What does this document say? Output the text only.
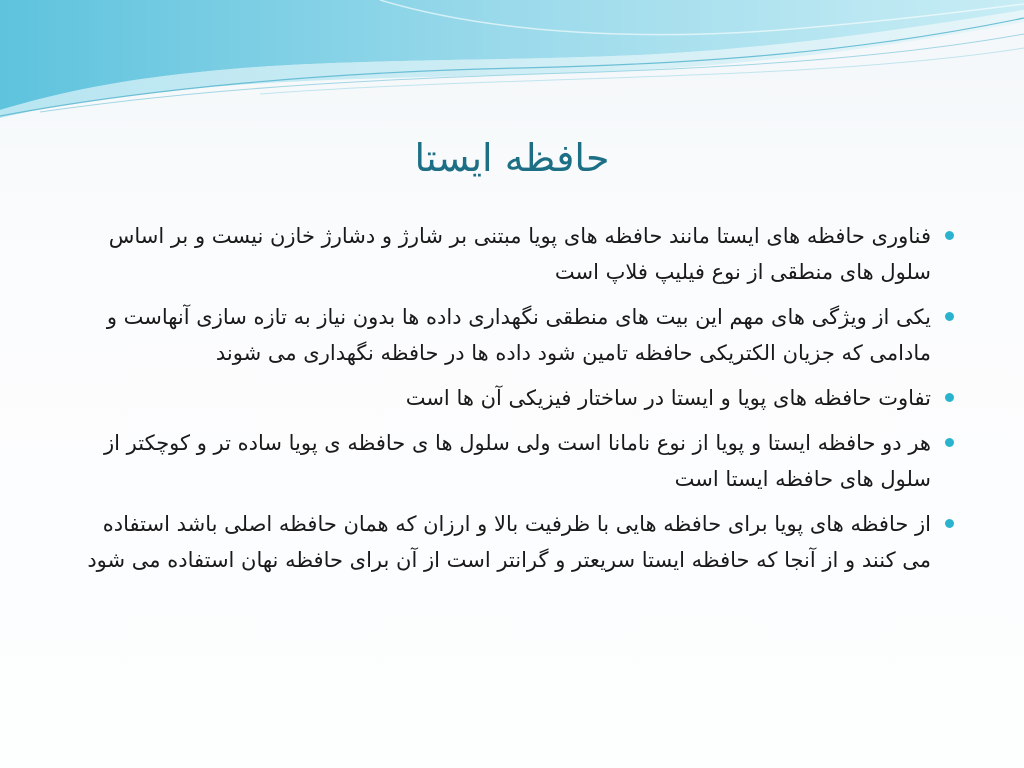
حافظه ایستا
فناوری حافظه های ایستا مانند حافظه های پویا مبتنی بر شارژ و دشارژ خازن نیست و بر اساس سلول های منطقی از نوع فیلیپ فلاپ است
یکی از ویژگی های مهم این بیت های منطقی نگهداری داده ها بدون نیاز به تازه سازی آنهاست و مادامی که جزیان الکتریکی حافظه تامین شود داده ها در حافظه نگهداری می شوند
تفاوت حافظه های پویا و ایستا در ساختار فیزیکی آن ها است
هر دو حافظه ایستا و پویا از نوع نامانا است ولی سلول ها ی حافظه ی پویا ساده تر و کوچکتر از سلول های حافظه ایستا است
از حافظه های پویا برای حافظه هایی با ظرفیت بالا و ارزان که همان حافظه اصلی باشد استفاده می کنند و از آنجا که حافظه ایستا سریعتر و گرانتر است از آن برای حافظه نهان استفاده می شود
